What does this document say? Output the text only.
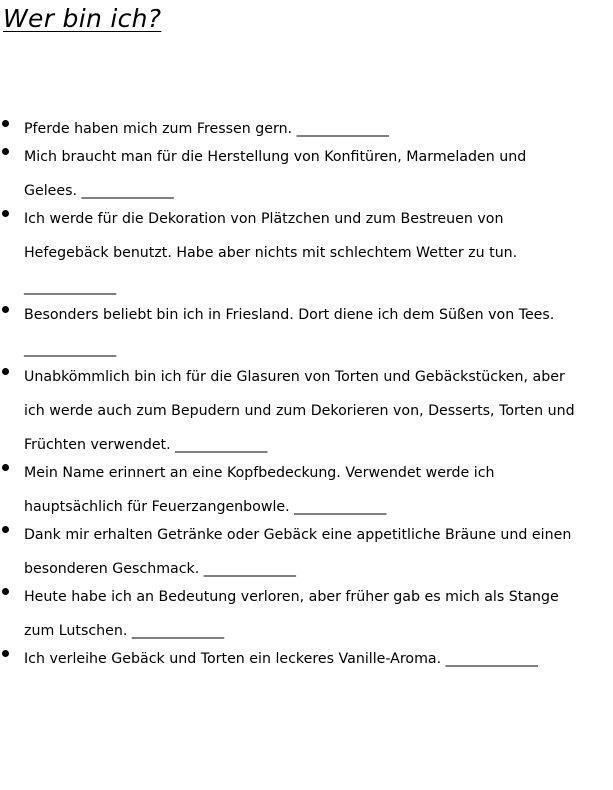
Wer bin ich?
Pferde haben mich zum Fressen gern. _____________
Mich braucht man für die Herstellung von Konfitüren, Marmeladen und
Gelees. _____________
Ich werde für die Dekoration von Plätzchen und zum Bestreuen von
Hefegebäck benutzt. Habe aber nichts mit schlechtem Wetter zu tun.
_____________
Besonders beliebt bin ich in Friesland. Dort diene ich dem Süßen von Tees.
_____________
Unabkömmlich bin ich für die Glasuren von Torten und Gebäckstücken, aber
ich werde auch zum Bepudern und zum Dekorieren von, Desserts, Torten und
Früchten verwendet. _____________
Mein Name erinnert an eine Kopfbedeckung. Verwendet werde ich
hauptsächlich für Feuerzangenbowle. _____________
Dank mir erhalten Getränke oder Gebäck eine appetitliche Bräune und einen
besonderen Geschmack. _____________
Heute habe ich an Bedeutung verloren, aber früher gab es mich als Stange
zum Lutschen. _____________
Ich verleihe Gebäck und Torten ein leckeres Vanille-Aroma. _____________
